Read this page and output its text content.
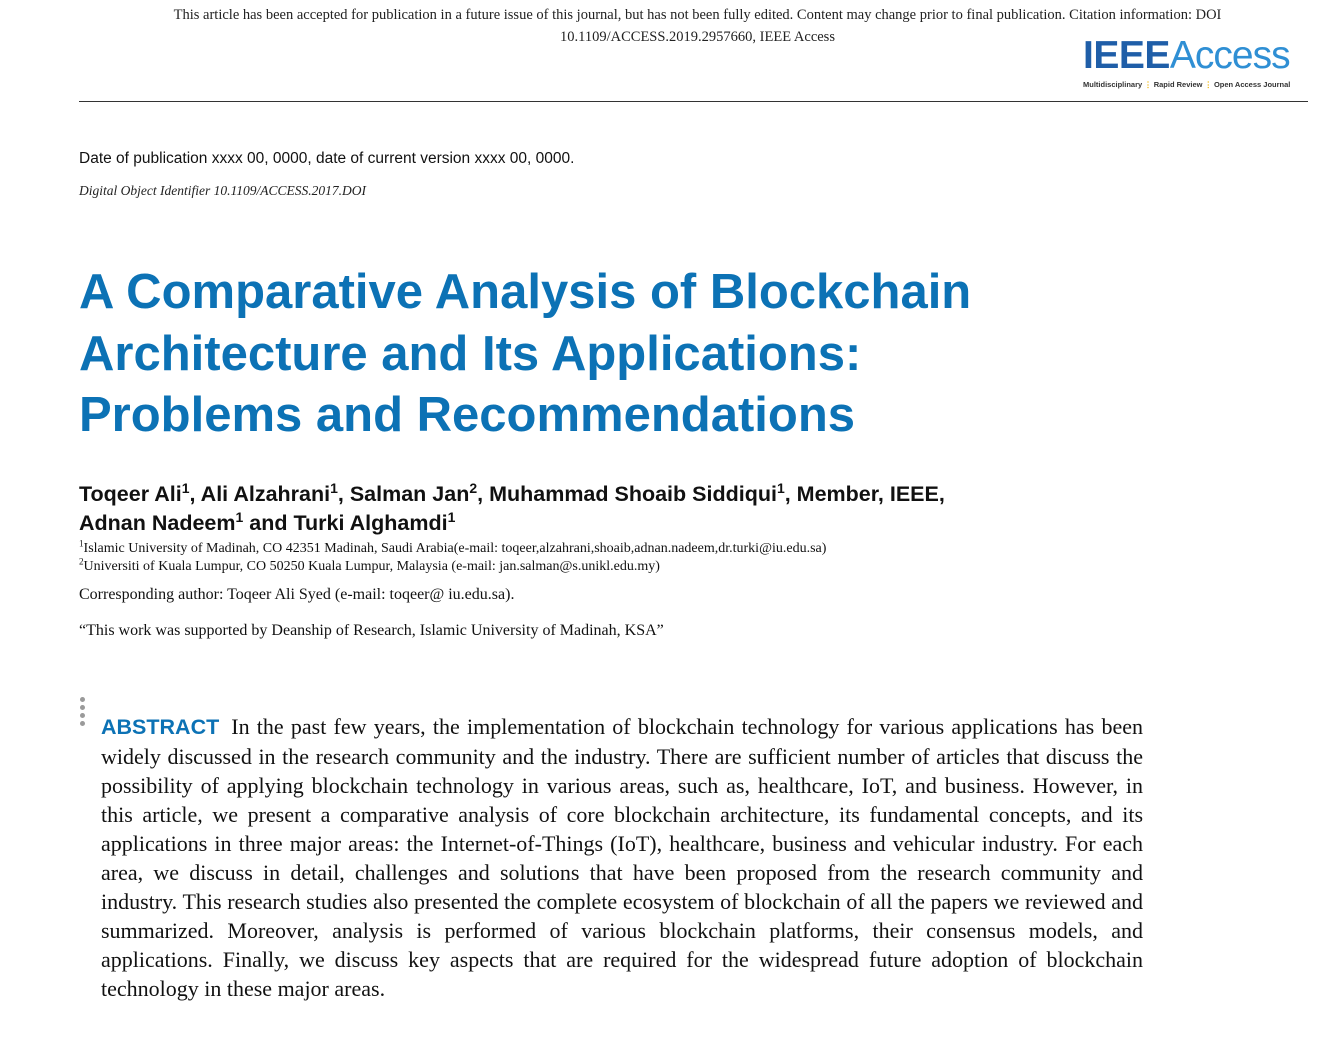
This article has been accepted for publication in a future issue of this journal, but has not been fully edited. Content may change prior to final publication. Citation information: DOI
10.1109/ACCESS.2019.2957660, IEEE Access	IEEEAccess
Multidisciplinary ⋮ Rapid Review ⋮ Open Access Journal
Date of publication xxxx 00, 0000, date of current version xxxx 00, 0000.
Digital Object Identifier 10.1109/ACCESS.2017.DOI
A Comparative Analysis of Blockchain
Architecture and Its Applications:
Problems and Recommendations
Toqeer Ali$^1$, Ali Alzahrani$^1$, Salman Jan$^2$, Muhammad Shoaib Siddiqui$^1$, Member, IEEE,
Adnan Nadeem$^1$ and Turki Alghamdi$^1$
$^1$Islamic University of Madinah, CO 42351 Madinah, Saudi Arabia(e-mail: toqeer,alzahrani,shoaib,adnan.nadeem,dr.turki@iu.edu.sa)
$^2$Universiti of Kuala Lumpur, CO 50250 Kuala Lumpur, Malaysia (e-mail: jan.salman@s.unikl.edu.my)
Corresponding author: Toqeer Ali Syed (e-mail: toqeer@ iu.edu.sa).
“This work was supported by Deanship of Research, Islamic University of Madinah, KSA”
ABSTRACT In the past few years, the implementation of blockchain technology for various applications has been widely discussed in the research community and the industry. There are sufficient number of articles that discuss the possibility of applying blockchain technology in various areas, such as, healthcare, IoT, and business. However, in this article, we present a comparative analysis of core blockchain architecture, its fundamental concepts, and its applications in three major areas: the Internet-of-Things (IoT), healthcare, business and vehicular industry. For each area, we discuss in detail, challenges and solutions that have been proposed from the research community and industry. This research studies also presented the complete ecosystem of blockchain of all the papers we reviewed and summarized. Moreover, analysis is performed of various blockchain platforms, their consensus models, and applications. Finally, we discuss key aspects that are required for the widespread future adoption of blockchain technology in these major areas.
